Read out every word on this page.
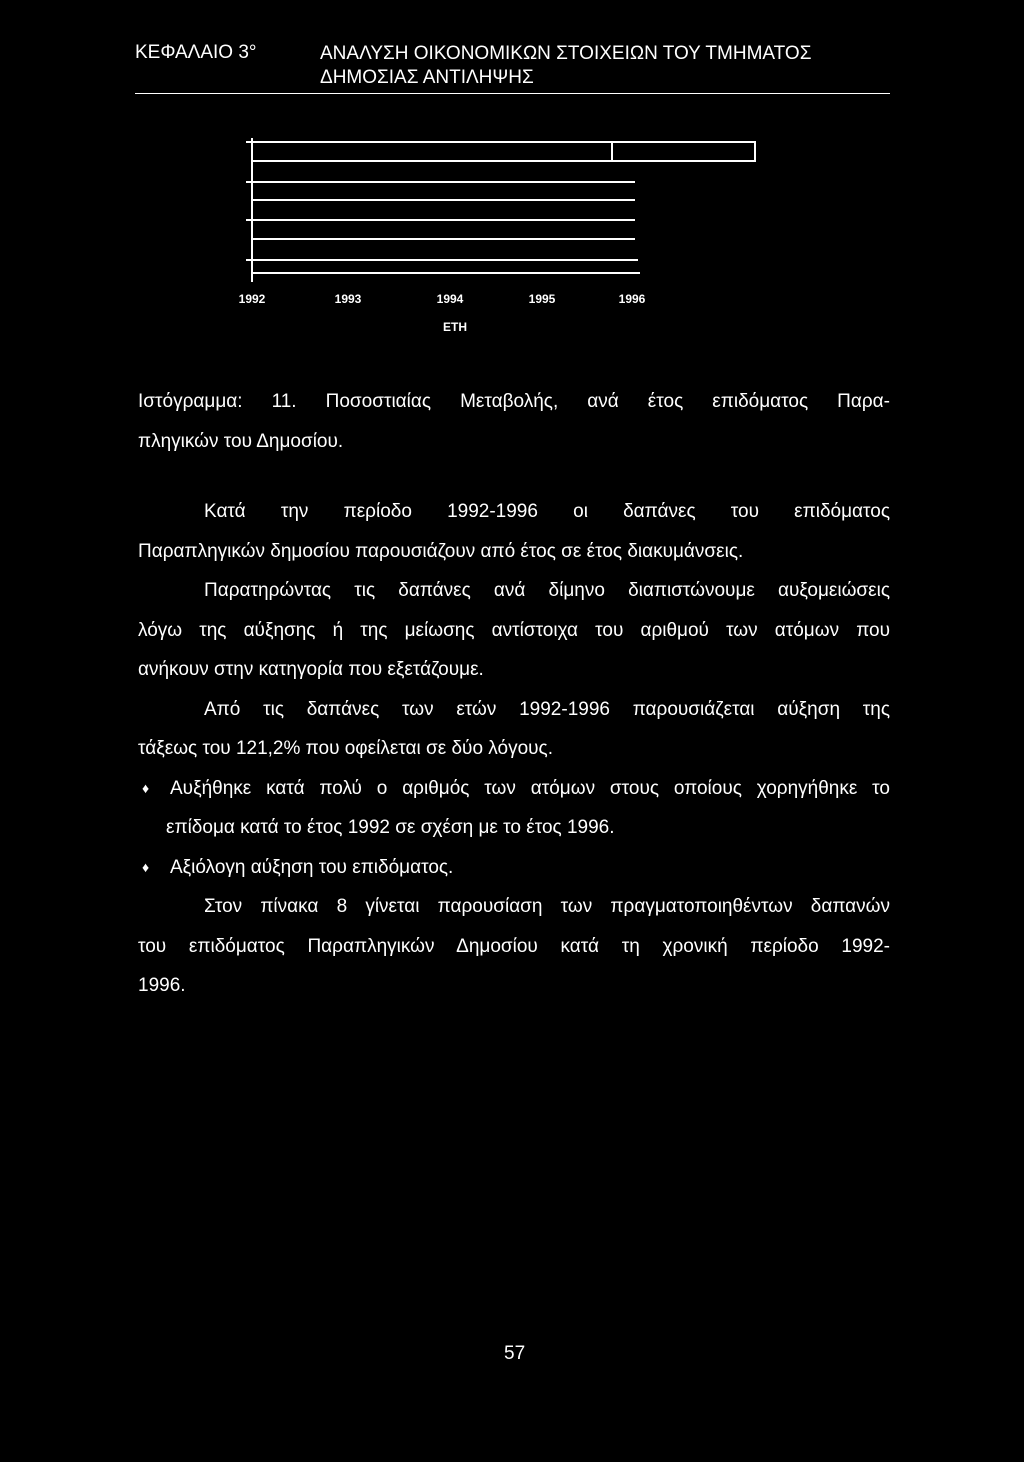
ΚΕΦΑΛΑΙΟ 3°	ΑΝΑΛΥΣΗ ΟΙΚΟΝΟΜΙΚΩΝ ΣΤΟΙΧΕΙΩΝ ΤΟΥ ΤΜΗΜΑΤΟΣ
ΔΗΜΟΣΙΑΣ ΑΝΤΙΛΗΨΗΣ
1992	1993	1994	1995	1996
ΕΤΗ
Ιστόγραμμα: 11. Ποσοστιαίας Μεταβολής, ανά έτος επιδόματος Παρα-
πληγικών του Δημοσίου.
Κατά την περίοδο 1992-1996 οι δαπάνες του επιδόματος
Παραπληγικών δημοσίου παρουσιάζουν από έτος σε έτος διακυμάνσεις.
Παρατηρώντας τις δαπάνες ανά δίμηνο διαπιστώνουμε αυξομειώσεις
λόγω της αύξησης ή της μείωσης αντίστοιχα του αριθμού των ατόμων που
ανήκουν στην κατηγορία που εξετάζουμε.
Από τις δαπάνες των ετών 1992-1996 παρουσιάζεται αύξηση της
τάξεως του 121,2% που οφείλεται σε δύο λόγους.
♦ Αυξήθηκε κατά πολύ ο αριθμός των ατόμων στους οποίους χορηγήθηκε το
επίδομα κατά το έτος 1992 σε σχέση με το έτος 1996.
♦ Αξιόλογη αύξηση του επιδόματος.
Στον πίνακα 8 γίνεται παρουσίαση των πραγματοποιηθέντων δαπανών
του επιδόματος Παραπληγικών Δημοσίου κατά τη χρονική περίοδο 1992-
1996.
57
